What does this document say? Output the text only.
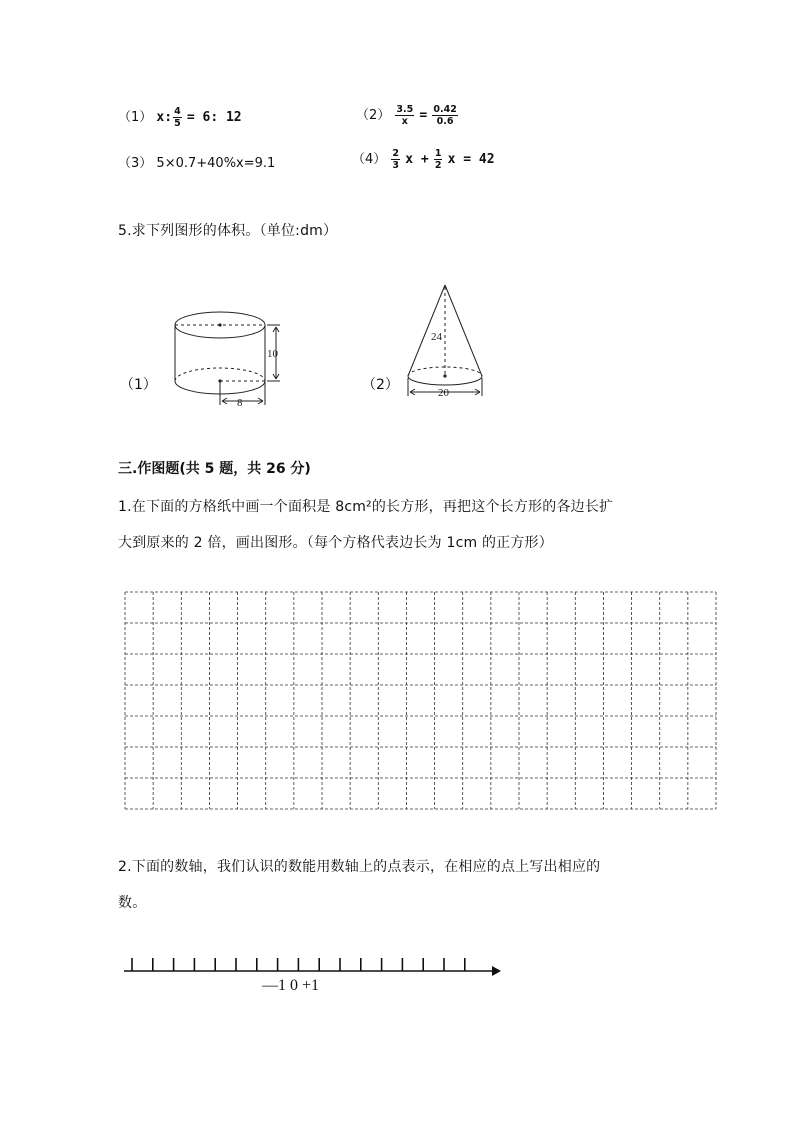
（1） x: $\frac{4}{5} = 6$: 12	$(2) \frac{3.5}{x} = \frac{0.42}{0.6}$
（3） 5×0.7+40%x=9.1	$(4) \frac{2}{3}$ $x + \frac{1}{2}$ x = 42
5.求下列图形的体积。（单位:dm）
（1）	（2）
10
8
24
20
三.作图题(共 5 题，共 26 分)
1.在下面的方格纸中画一个面积是 8cm²的长方形，再把这个长方形的各边长扩
大到原来的 2 倍，画出图形。（每个方格代表边长为 1cm 的正方形）
2.下面的数轴，我们认识的数能用数轴上的点表示，在相应的点上写出相应的
数。
—1 0 +1
